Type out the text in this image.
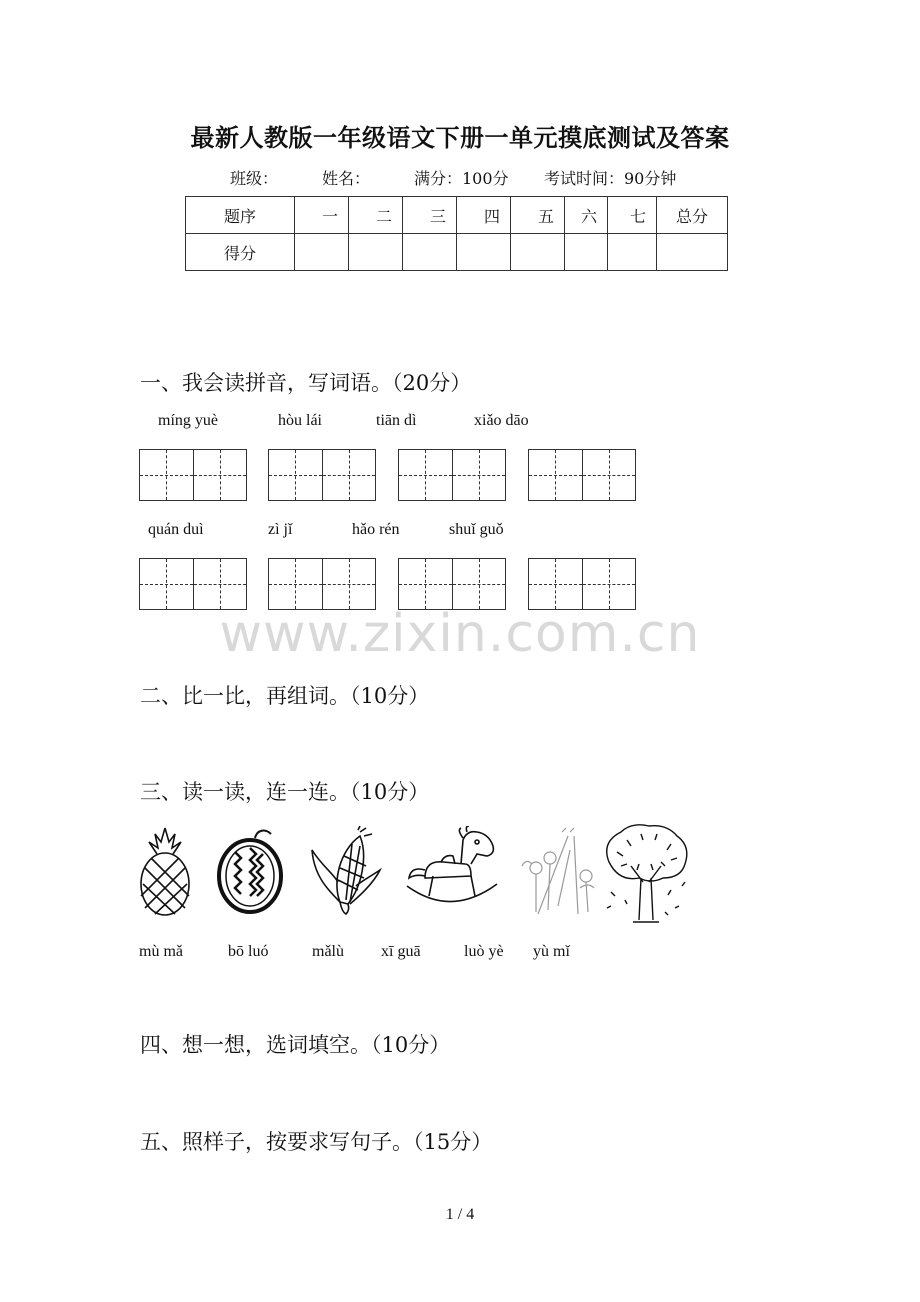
最新人教版一年级语文下册一单元摸底测试及答案
班级：	姓名：	满分：100分 考试时间：90分钟
题序	一	二	三	四	五	六	七	总分
得分								
一、我会读拼音，写词语。（20分）
míng yuè	hòu lái	tiān dì	xiǎo dāo
quán duì	zì jǐ	hǎo rén	shuǐ guǒ
www.zixin.com.cn
二、比一比，再组词。（10分）
三、读一读，连一连。（10分）
mù mǎ	bō luó	mǎlù xī guā	luò yè yù mǐ
四、想一想，选词填空。（10分）
五、照样子，按要求写句子。（15分）
1 / 4
